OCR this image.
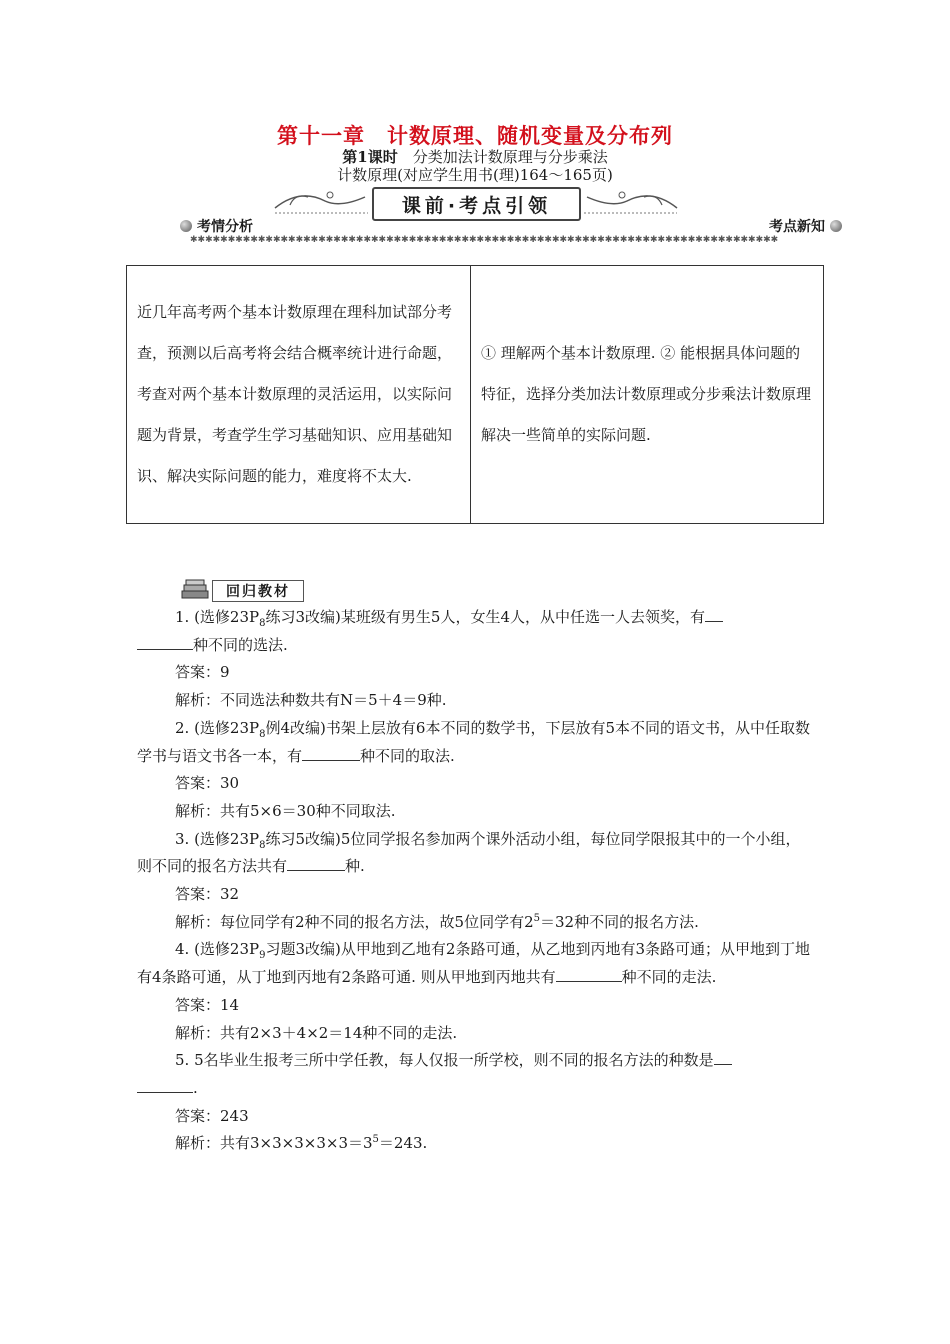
第十一章　计数原理、随机变量及分布列
第1课时　分类加法计数原理与分步乘法
计数原理(对应学生用书(理)164～165页)
课前·考点引领
考情分析	考点新知
✱✱✱✱✱✱✱✱✱✱✱✱✱✱✱✱✱✱✱✱✱✱✱✱✱✱✱✱✱✱✱✱✱✱✱✱✱✱✱✱✱✱✱✱✱✱✱✱✱✱✱✱✱✱✱✱✱✱✱✱✱✱✱✱✱✱✱✱✱✱✱✱✱✱✱✱✱✱
近几年高考两个基本计数原理在理科加试部分考查，预测以后高考将会结合概率统计进行命题，考查对两个基本计数原理的灵活运用，以实际问题为背景，考查学生学习基础知识、应用基础知识、解决实际问题的能力，难度将不太大.	① 理解两个基本计数原理. ② 能根据具体问题的特征，选择分类加法计数原理或分步乘法计数原理解决一些简单的实际问题.
回归教材

1. (选修$23P_8$练习3改编)某班级有男生5人，女生4人，从中任选一人去领奖，有

种不同的选法.

答案：9

解析：不同选法种数共有N＝5＋4＝9种.

2. (选修$23P_8$例4改编)书架上层放有6本不同的数学书，下层放有5本不同的语文书，从中任取数学书与语文书各一本，有	种不同的取法.

答案：30

解析：共有5×6＝30种不同取法.

3. (选修$23P_8$练习5改编)5位同学报名参加两个课外活动小组，每位同学限报其中的一个小组，则不同的报名方法共有	种.

答案：32

解析：每位同学有2种不同的报名方法，故5位同学有$2^5=32$种不同的报名方法.

4. (选修$23P_9$习题3改编)从甲地到乙地有2条路可通，从乙地到丙地有3条路可通；从甲地到丁地有4条路可通，从丁地到丙地有2条路可通. 则从甲地到丙地共有	种不同的走法.

答案：14

解析：共有2×3＋4×2＝14种不同的走法.

5. 5名毕业生报考三所中学任教，每人仅报一所学校，则不同的报名方法的种数是

.

答案：243

解析：共有$3\times 3\times 3\times 3\times 3=3^5=243$.
